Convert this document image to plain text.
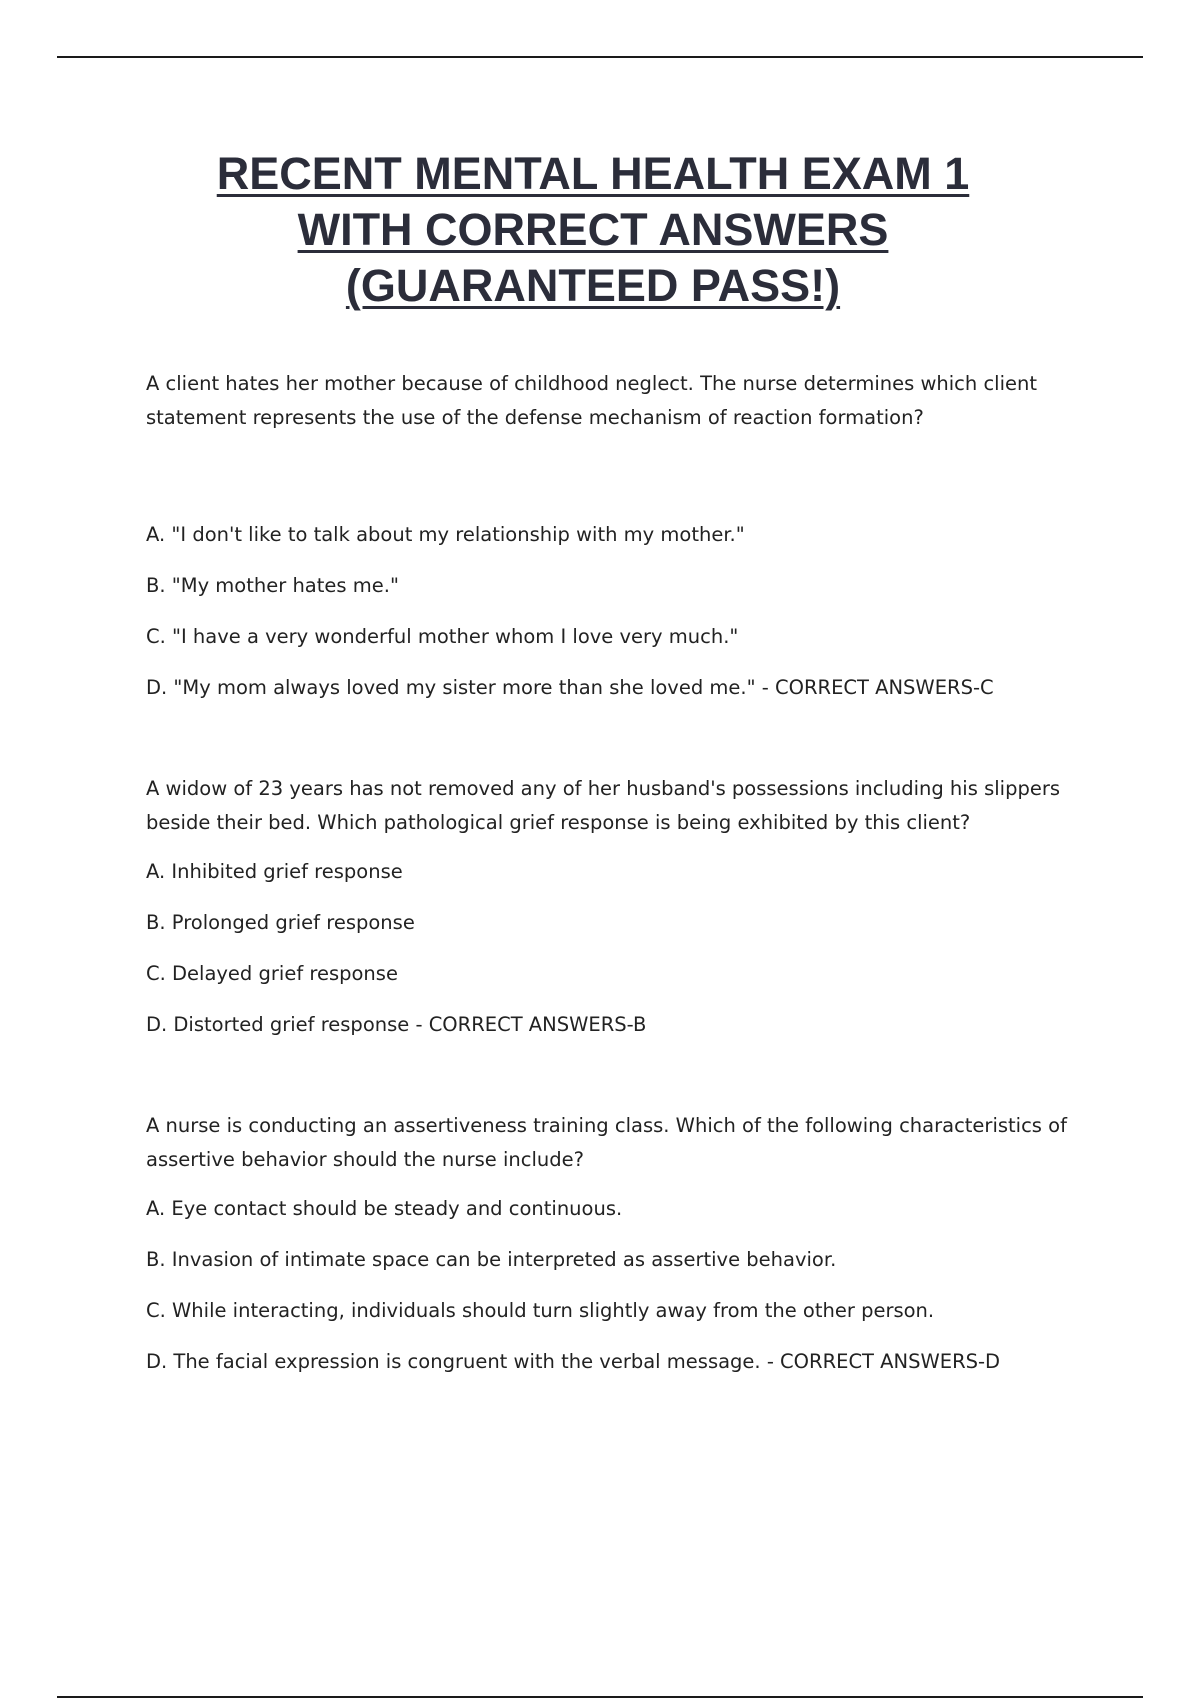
RECENT MENTAL HEALTH EXAM 1
WITH CORRECT ANSWERS
(GUARANTEED PASS!)

A client hates her mother because of childhood neglect. The nurse determines which client statement represents the use of the defense mechanism of reaction formation?

A. "I don't like to talk about my relationship with my mother."

B. "My mother hates me."

C. "I have a very wonderful mother whom I love very much."

D. "My mom always loved my sister more than she loved me." - CORRECT ANSWERS-C

A widow of 23 years has not removed any of her husband's possessions including his slippers beside their bed. Which pathological grief response is being exhibited by this client?

A. Inhibited grief response

B. Prolonged grief response

C. Delayed grief response

D. Distorted grief response - CORRECT ANSWERS-B

A nurse is conducting an assertiveness training class. Which of the following characteristics of assertive behavior should the nurse include?

A. Eye contact should be steady and continuous.

B. Invasion of intimate space can be interpreted as assertive behavior.

C. While interacting, individuals should turn slightly away from the other person.

D. The facial expression is congruent with the verbal message. - CORRECT ANSWERS-D
